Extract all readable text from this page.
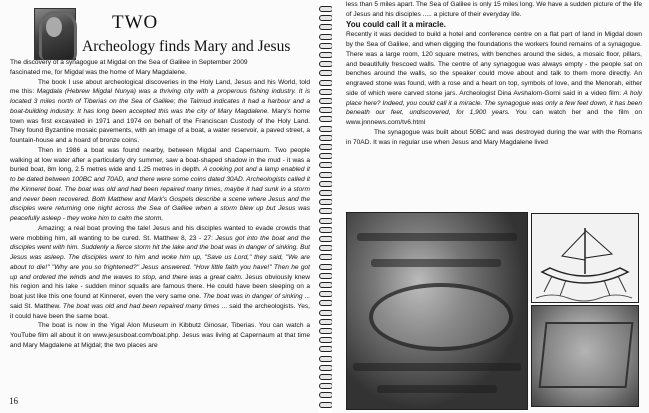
TWO
Archeology finds Mary and Jesus

The discovery of a synagogue at Migdal on the Sea of Galilee in September 2009
fascinated me, for Migdal was the home of Mary Magdalene.

The book I use about archeological discoveries in the Holy Land, Jesus and his World, told me this: Magdala (Hebrew Migdal Nunya) was a thriving city with a properous fishing industry. It is located 3 miles north of Tiberias on the Sea of Galilee; the Talmud indicates it had a harbour and a boat-building industry. It has long been accepted this was the city of Mary Magdalene. Mary's home town was first excavated in 1971 and 1974 on behalf of the Franciscan Custody of the Holy Land. They found Byzantine mosaic pavements, with an image of a boat, a water reservoir, a paved street, a fountain-house and a hoard of bronze coins.

Then in 1986 a boat was found nearby, between Migdal and Capernaum. Two people walking at low water after a particularly dry summer, saw a boat-shaped shadow in the mud - it was a buried boat, 8m long, 2.5 metres wide and 1.25 metres in depth. A cooking pot and a lamp enabled it to be dated between 100BC and 70AD, and there were some coins dated 30AD. Archeologists called it the Kinneret boat. The boat was old and had been repaired many times, maybe it had sunk in a storm and never been recovered. Both Matthew and Mark's Gospels describe a scene where Jesus and the disciples were returning one night across the Sea of Galilee when a storm blew up but Jesus was peacefully asleep - they woke him to calm the storm.

Amazing; a real boat proving the tale! Jesus and his disciples wanted to evade crowds that were mobbing him, all wanting to be cured. St. Matthew 8, 23 - 27: Jesus got into the boat and the disciples went with him. Suddenly a fierce storm hit the lake and the boat was in danger of sinking. But Jesus was asleep. The disciples went to him and woke him up, "Save us Lord," they said, "We are about to die!" "Why are you so frightened?" Jesus answered. "How little faith you have!" Then he got up and ordered the winds and the waves to stop, and there was a great calm. Jesus obviously knew his region and his lake - sudden minor squalls are famous there. He could have been sleeping on a boat just like this one found at Kinneret, even the very same one. The boat was in danger of sinking ... said St. Matthew. The boat was old and had been repaired many times ... said the archeologists. Yes, it could have been the same boat.

The boat is now in the Yigal Alon Museum in Kibbutz Ginosar, Tiberias. You can watch a YouTube film all about it on www.jesusboat.com/boat.php. Jesus was living at Capernaum at that time and Mary Magdalene at Migdal; the two places are

16

less than 5 miles apart. The Sea of Galilee is only 15 miles long. We have a sudden picture of the life of Jesus and his disciples ..... a picture of their everyday life.

You could call it a miracle.

Recently it was decided to build a hotel and conference centre on a flat part of land in Migdal down by the Sea of Galilee, and when digging the foundations the workers found remains of a synagogue. There was a large room, 120 square metres, with benches around the sides, a mosaic floor, pillars, and beautifully frescoed walls. The centre of any synagogue was always empty - the people sat on benches around the walls, so the speaker could move about and talk to them more directly. An engraved stone was found, with a rose and a heart on top, symbols of love, and the Menorah, either side of which were carved stone jars. Archeologist Dina Avshalom-Gorni said in a video film: A holy place here? Indeed, you could call it a miracle. The synagogue was only a few feet down, it has been beneath our feet, undiscovered, for 1,900 years. You can watch her and the film on www.jnnnews.com/tv6.html

The synagogue was built about 50BC and was destroyed during the war with the Romans in 70AD. It was in regular use when Jesus and Mary Magdalene lived
